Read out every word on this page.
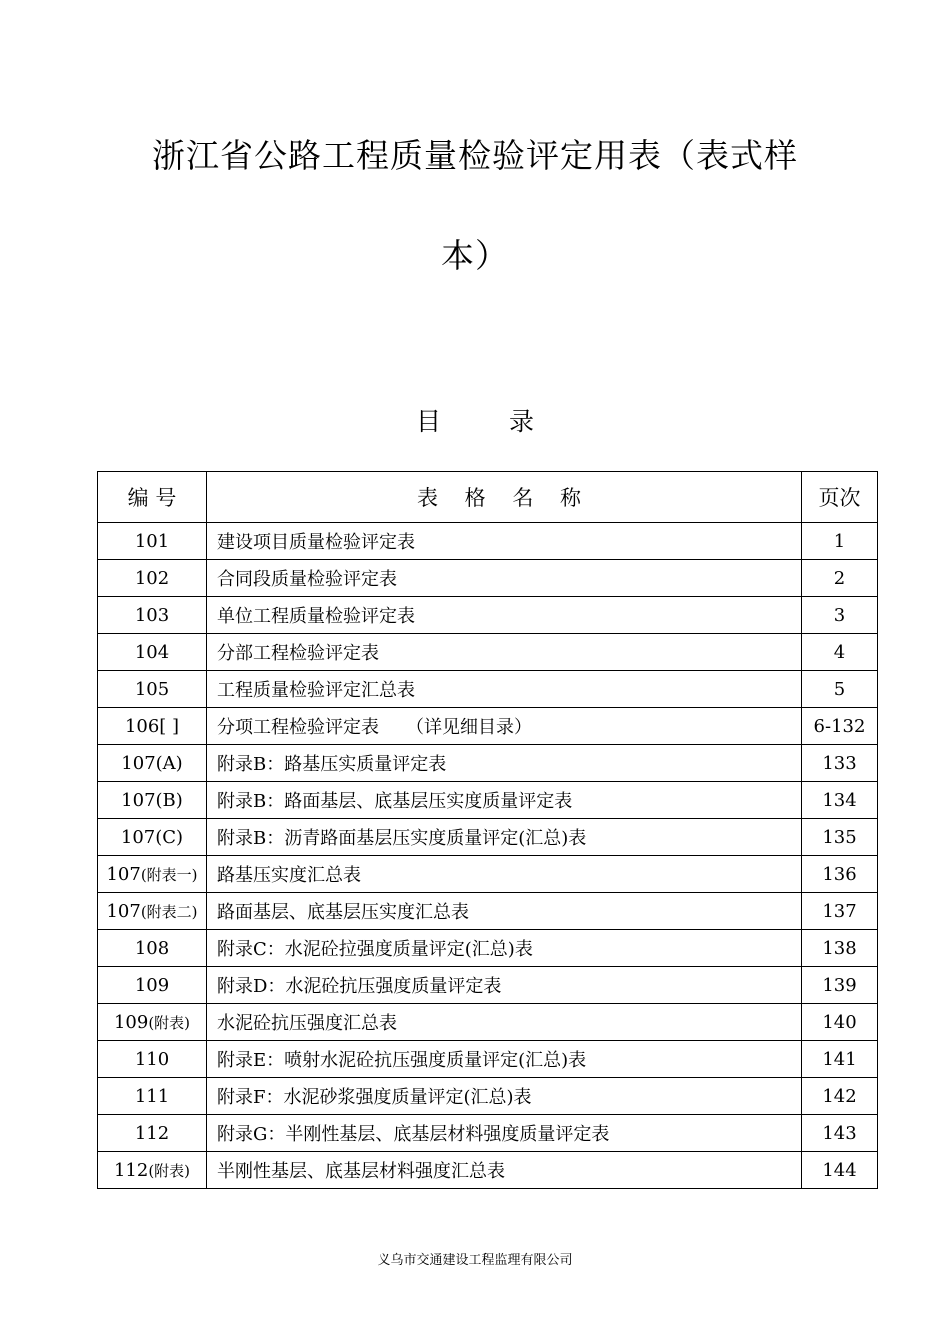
浙江省公路工程质量检验评定用表（表式样
本）
目	录
编 号	表 格 名 称	页次
101	建设项目质量检验评定表	1
102	合同段质量检验评定表	2
103	单位工程质量检验评定表	3
104	分部工程检验评定表	4
105	工程质量检验评定汇总表	5
106[ ]	分项工程检验评定表　　（详见细目录）	6-132
107(A)	附录B：路基压实质量评定表	133
107(B)	附录B：路面基层、底基层压实度质量评定表	134
107(C)	附录B：沥青路面基层压实度质量评定(汇总)表	135
107(附表一)	路基压实度汇总表	136
107(附表二)	路面基层、底基层压实度汇总表	137
108	附录C：水泥砼拉强度质量评定(汇总)表	138
109	附录D：水泥砼抗压强度质量评定表	139
109(附表)	水泥砼抗压强度汇总表	140
110	附录E：喷射水泥砼抗压强度质量评定(汇总)表	141
111	附录F：水泥砂浆强度质量评定(汇总)表	142
112	附录G：半刚性基层、底基层材料强度质量评定表	143
112(附表)	半刚性基层、底基层材料强度汇总表	144
义乌市交通建设工程监理有限公司
